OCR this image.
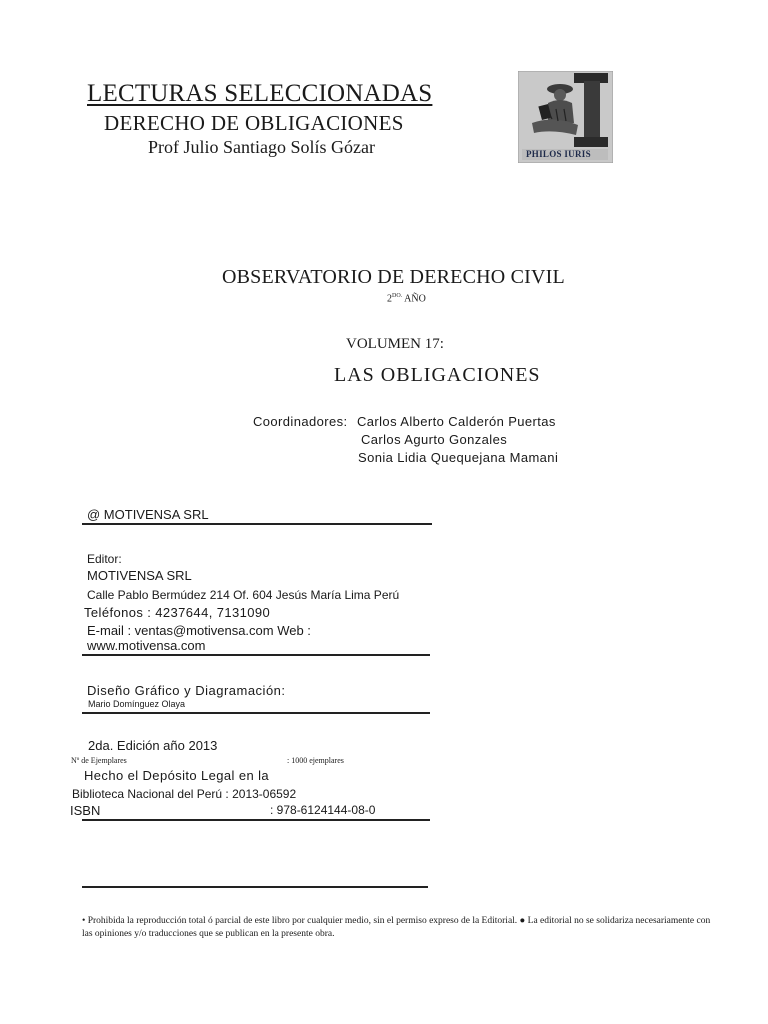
LECTURAS SELECCIONADAS
DERECHO DE OBLIGACIONES
Prof Julio Santiago Solís Gózar	PHILOS IURIS
OBSERVATORIO DE DERECHO CIVIL
$2^{DO.}$ AÑO
VOLUMEN 17:
LAS OBLIGACIONES
Coordinadores: Carlos Alberto Calderón Puertas
Carlos Agurto Gonzales
Sonia Lidia Quequejana Mamani
@ MOTIVENSA SRL
Editor:
MOTIVENSA SRL
Calle Pablo Bermúdez 214 Of. 604 Jesús María Lima Perú
Teléfonos : 4237644, 7131090
E-mail : ventas@motivensa.com Web :
www.motivensa.com
Diseño Gráfico y Diagramación:
Mario Domínguez Olaya
2da. Edición año 2013
Nº de Ejemplares	: 1000 ejemplares
Hecho el Depósito Legal en la
Biblioteca Nacional del Perú : 2013-06592
ISBN	: 978-6124144-08-0
• Prohibida la reproducción total ó parcial de este libro por cualquier medio, sin el permiso expreso de la Editorial. ● La editorial no se solidariza necesariamente con las opiniones y/o traducciones que se publican en la presente obra.
